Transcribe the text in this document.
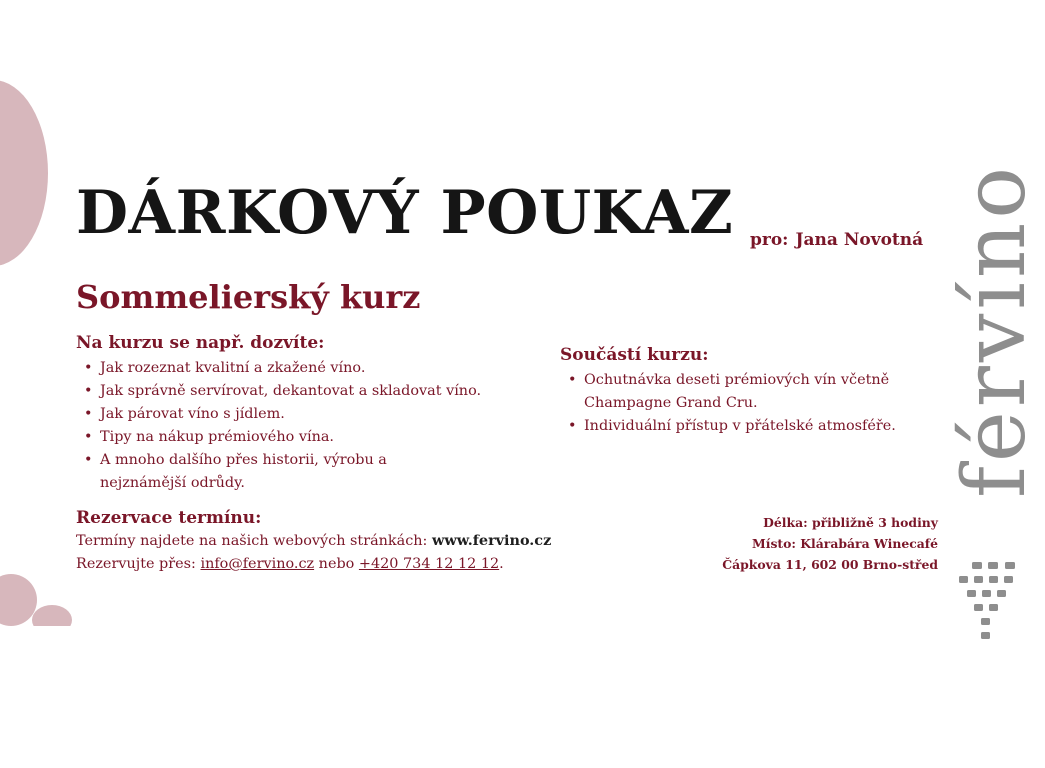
DÁRKOVÝ POUKAZ pro: Jana Novotná
Sommelierský kurz
Na kurzu se např. dozvíte:
• Jak rozeznat kvalitní a zkažené víno.
• Jak správně servírovat, dekantovat a skladovat víno.
• Jak párovat víno s jídlem.
• Tipy na nákup prémiového vína.
• A mnoho dalšího přes historii, výrobu a nejznámější odrůdy.
Součástí kurzu:
• Ochutnávka deseti prémiových vín včetně Champagne Grand Cru.
• Individuální přístup v přátelské atmosféře.
Rezervace termínu:

Termíny najdete na našich webových stránkách: www.fervino.cz

Rezervujte přes: info@fervino.cz nebo +420 734 12 12 12.

Délka: přibližně 3 hodiny
Místo: Klárabára Winecafé
Čápkova 11, 602 00 Brno-střed
férvíno
